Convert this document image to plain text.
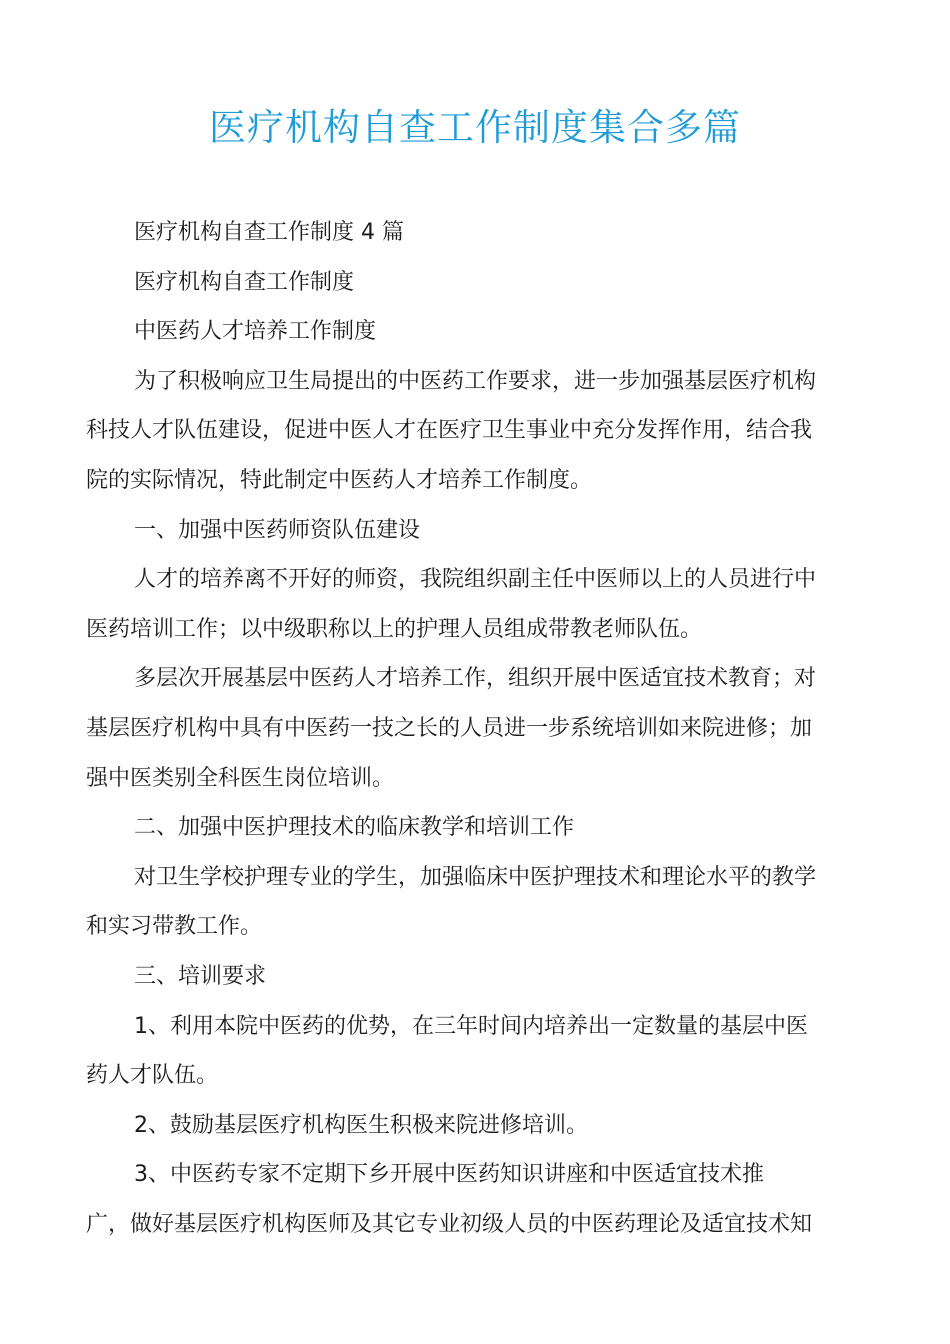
医疗机构自查工作制度集合多篇

医疗机构自查工作制度 4 篇

医疗机构自查工作制度

中医药人才培养工作制度

为了积极响应卫生局提出的中医药工作要求，进一步加强基层医疗机构

科技人才队伍建设，促进中医人才在医疗卫生事业中充分发挥作用，结合我

院的实际情况，特此制定中医药人才培养工作制度。

一、加强中医药师资队伍建设

人才的培养离不开好的师资，我院组织副主任中医师以上的人员进行中

医药培训工作；以中级职称以上的护理人员组成带教老师队伍。

多层次开展基层中医药人才培养工作，组织开展中医适宜技术教育；对

基层医疗机构中具有中医药一技之长的人员进一步系统培训如来院进修；加

强中医类别全科医生岗位培训。

二、加强中医护理技术的临床教学和培训工作

对卫生学校护理专业的学生，加强临床中医护理技术和理论水平的教学

和实习带教工作。

三、培训要求

1、利用本院中医药的优势，在三年时间内培养出一定数量的基层中医

药人才队伍。

2、鼓励基层医疗机构医生积极来院进修培训。

3、中医药专家不定期下乡开展中医药知识讲座和中医适宜技术推

广，做好基层医疗机构医师及其它专业初级人员的中医药理论及适宜技术知
